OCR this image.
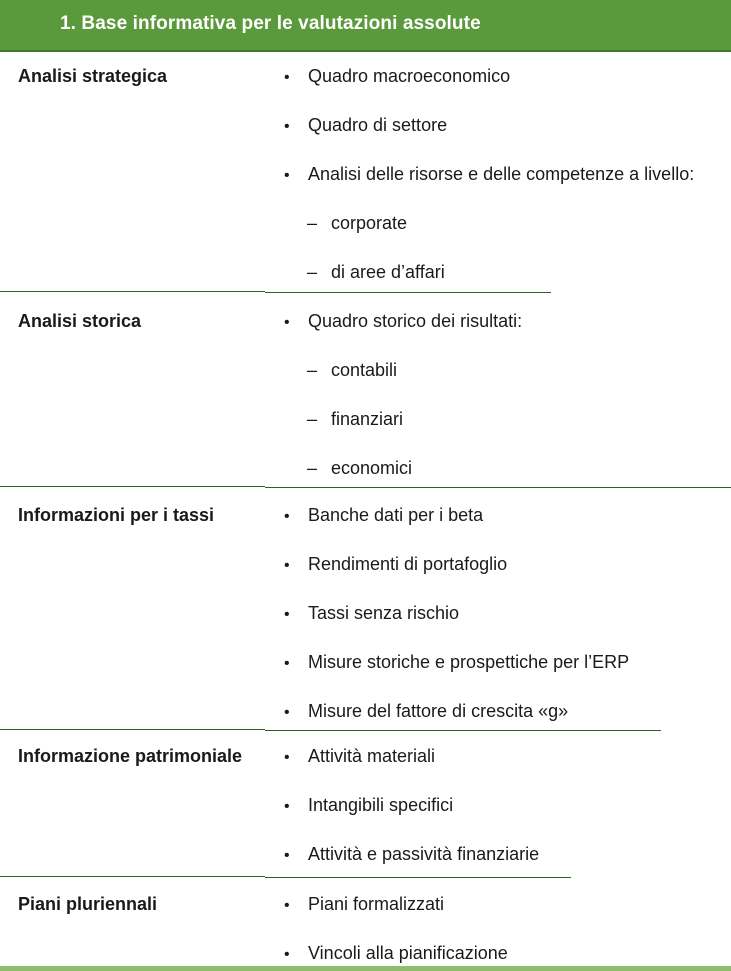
1. Base informativa per le valutazioni assolute
Analisi strategica	• Quadro macroeconomico
• Quadro di settore
• Analisi delle risorse e delle competenze a livello:
– corporate
– di aree d’affari
Analisi storica	• Quadro storico dei risultati:
– contabili
– finanziari
– economici
Informazioni per i tassi	• Banche dati per i beta
• Rendimenti di portafoglio
• Tassi senza rischio
• Misure storiche e prospettiche per l’ERP
• Misure del fattore di crescita «g»
Informazione patrimoniale	• Attività materiali
• Intangibili specifici
• Attività e passività finanziarie
Piani pluriennali	• Piani formalizzati
• Vincoli alla pianificazione
